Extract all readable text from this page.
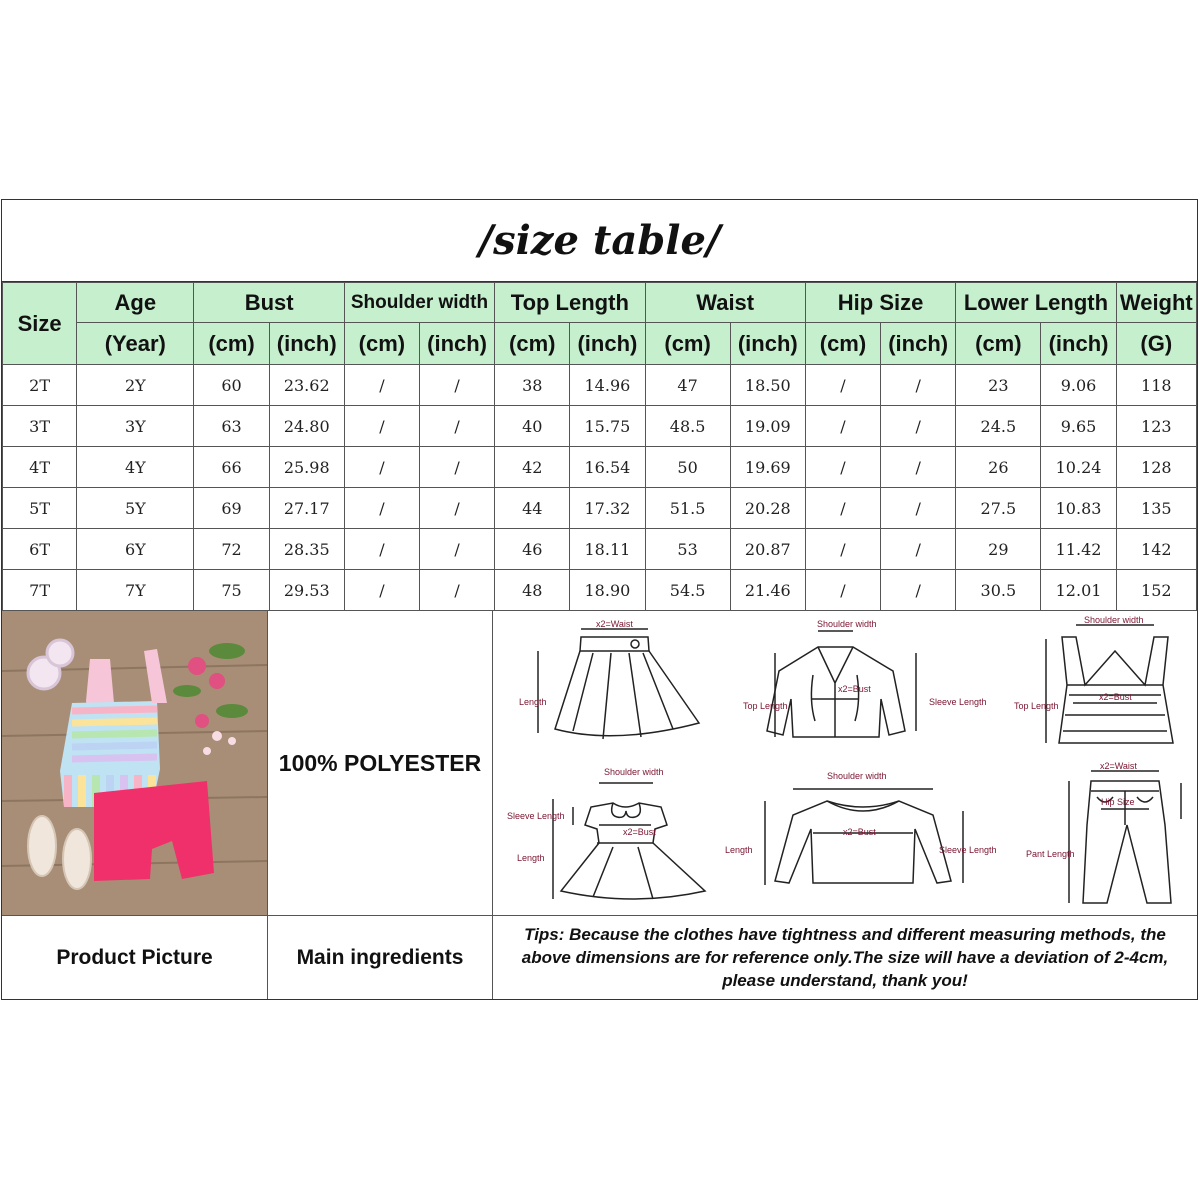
/size table/
Size	Age	Bust		Shoulder width		Top Length		Waist		Hip Size		Lower Length		Weight
	(Year)	(cm)	(inch)	(cm)	(inch)	(cm)	(inch)	(cm)	(inch)	(cm)	(inch)	(cm)	(inch)	(G)
2T	2Y	60	23.62	/	/	38	14.96	47	18.50	/	/	23	9.06	118
3T	3Y	63	24.80	/	/	40	15.75	48.5	19.09	/	/	24.5	9.65	123
4T	4Y	66	25.98	/	/	42	16.54	50	19.69	/	/	26	10.24	128
5T	5Y	69	27.17	/	/	44	17.32	51.5	20.28	/	/	27.5	10.83	135
6T	6Y	72	28.35	/	/	46	18.11	53	20.87	/	/	29	11.42	142
7T	7Y	75	29.53	/	/	48	18.90	54.5	21.46	/	/	30.5	12.01	152
100% POLYESTER
x2=Waist
Length
Shoulder width
Top Length
x2=Bust
Sleeve Length
Shoulder width
Top Length
x2=Bust
Shoulder width
Sleeve Length
x2=Bust
Length
Shoulder width
x2=Bust
Length	Sleeve Length
x2=Waist
Hip Size
Pant Length
Product Picture	Main ingredients
Tips: Because the clothes have tightness and different measuring methods, the above dimensions are for reference only.The size will have a deviation of 2-4cm, please understand, thank you!
